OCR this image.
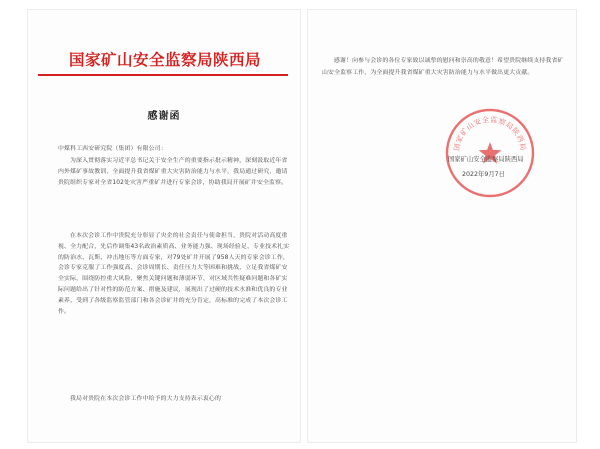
国家矿山安全监察局陕西局
感谢函
中煤科工西安研究院（集团）有限公司：
为深入贯彻落实习近平总书记关于安全生产的重要指示批示精神，深刻汲取近年省内外煤矿事故教训，全面提升我省煤矿重大灾害防治能力与水平，我局通过研究，邀请贵院组织专家对全省102处灾害严重矿井进行专家会诊，协助我局开展矿井安全监察。
在本次会诊工作中贵院充分彰显了央企的社会责任与使命担当，贵院对活动高度重视、全力配合，先后作调集43名政治素质高、业务能力强、现场经验足、专业技术扎实的防治水、瓦斯、冲击地压等方面专家，对79处矿井开展了958人天的专家会诊工作，会诊专家克服了工作强度高、会诊周期长、责任压力大等困难和挑战，立足我省煤矿安全实际，围绕防控重大风险，聚焦关键问题和薄弱环节，对区域共性疑难问题和各矿实际问题给出了针对性的防范方案、措施及建议，展现出了过硬的技术水准和优良的专业素养，受到了各级监察监管部门和各会诊矿井的充分肯定，高标准的完成了本次会诊工作。
我局对贵院在本次会诊工作中给予的大力支持表示衷心的
感谢！向参与会诊的各位专家致以诚挚的慰问和崇高的敬意！希望贵院继续支持我省矿山安全监察工作，为全面提升我省煤矿重大灾害防治能力与水平做出更大贡献。
国家矿山安全监察局陕西局
国家矿山安全监察局陕西局
2022年9月7日
